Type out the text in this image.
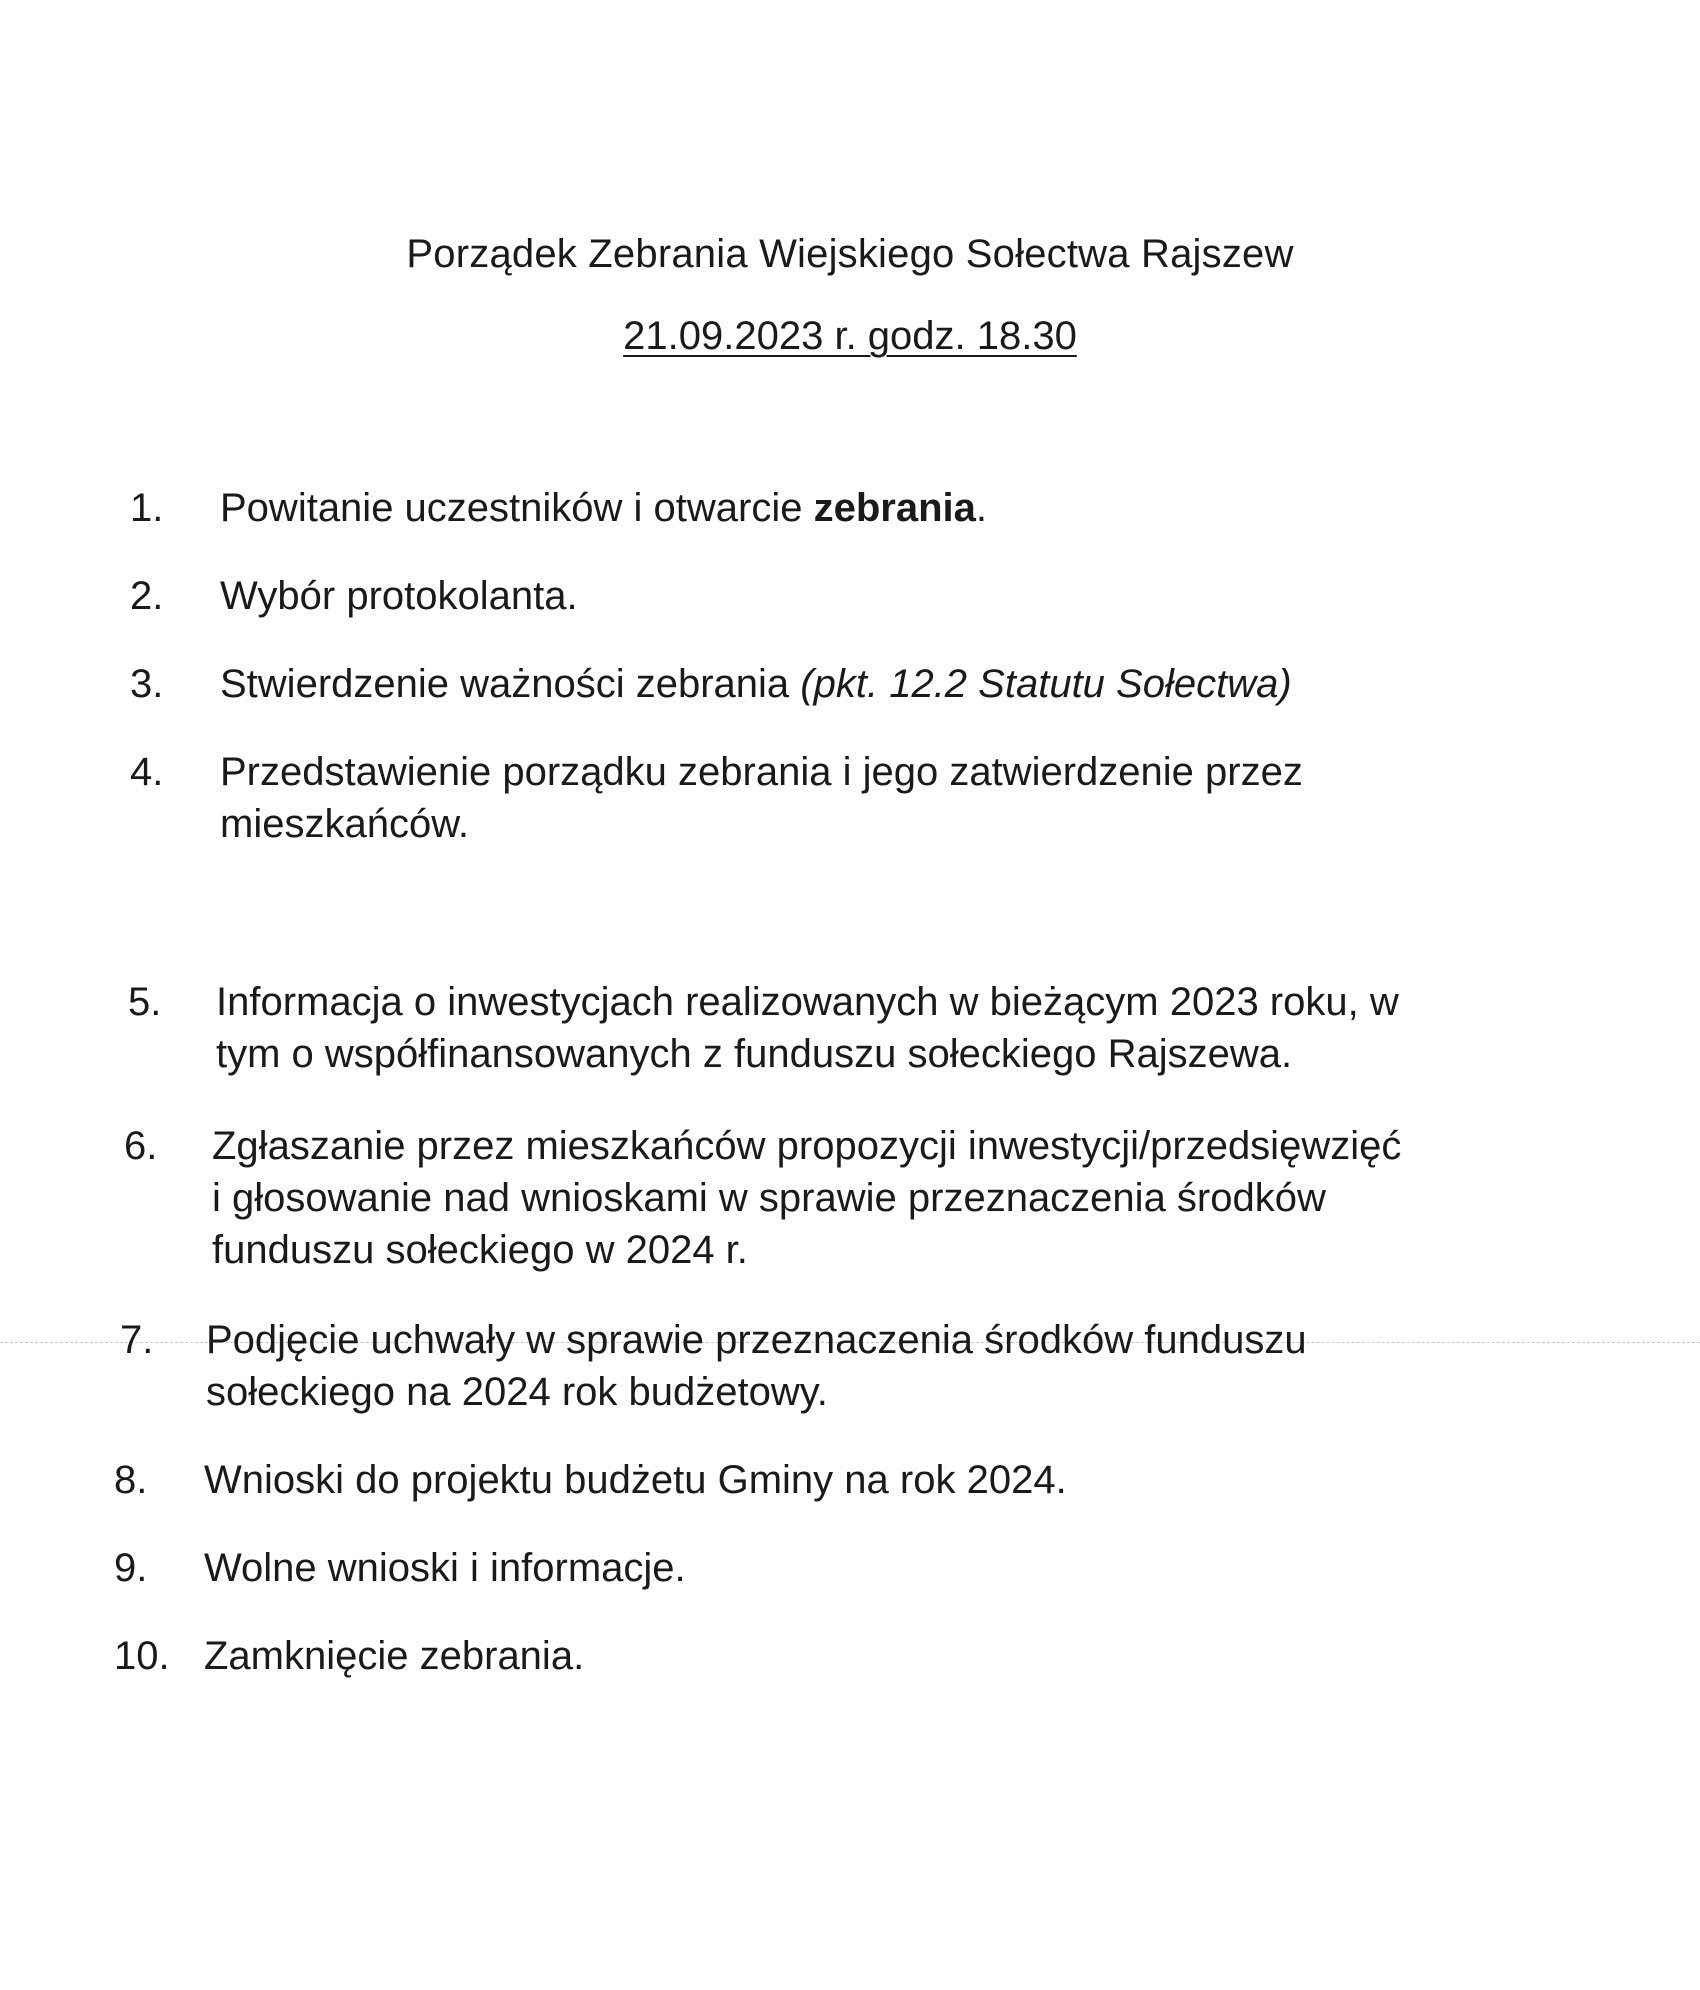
Porządek Zebrania Wiejskiego Sołectwa Rajszew
21.09.2023 r. godz. 18.30
1.	Powitanie uczestników i otwarcie zebrania.
2.	Wybór protokolanta.
3.	Stwierdzenie ważności zebrania (pkt. 12.2 Statutu Sołectwa)
4.	Przedstawienie porządku zebrania i jego zatwierdzenie przez
mieszkańców.
5.	Informacja o inwestycjach realizowanych w bieżącym 2023 roku, w
tym o współfinansowanych z funduszu sołeckiego Rajszewa.
6.	Zgłaszanie przez mieszkańców propozycji inwestycji/przedsięwzięć
i głosowanie nad wnioskami w sprawie przeznaczenia środków
funduszu sołeckiego w 2024 r.
7.	Podjęcie uchwały w sprawie przeznaczenia środków funduszu
sołeckiego na 2024 rok budżetowy.
8.	Wnioski do projektu budżetu Gminy na rok 2024.
9.	Wolne wnioski i informacje.
10. Zamknięcie zebrania.
